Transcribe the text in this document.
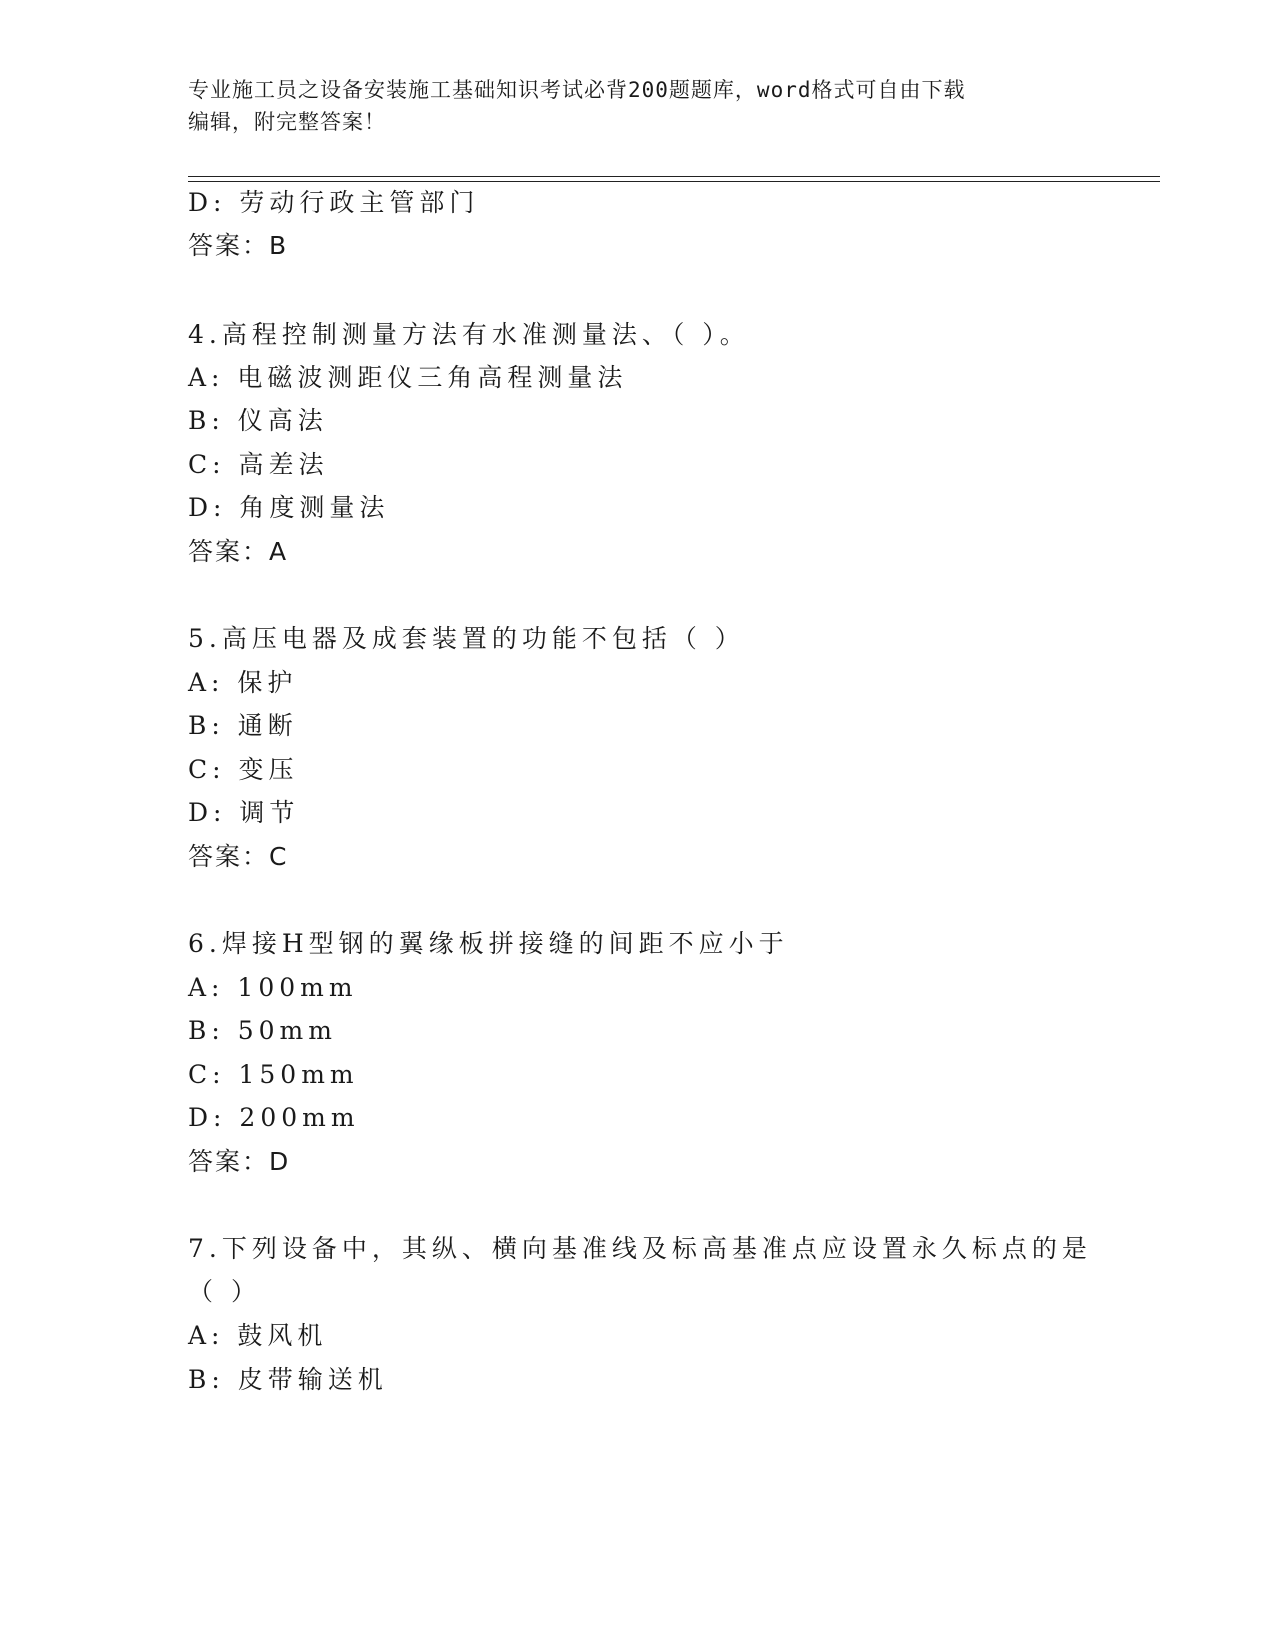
专业施工员之设备安装施工基础知识考试必背200题题库，word格式可自由下载
编辑，附完整答案！
D: 劳动行政主管部门
答案：B
4.高程控制测量方法有水准测量法、（ ）。
A: 电磁波测距仪三角高程测量法
B: 仪高法
C: 高差法
D: 角度测量法
答案：A
5.高压电器及成套装置的功能不包括（ ）
A: 保护
B: 通断
C: 变压
D: 调节
答案：C
6.焊接H型钢的翼缘板拼接缝的间距不应小于
A: 100mm
B: 50mm
C: 150mm
D: 200mm
答案：D
7.下列设备中，其纵、横向基准线及标高基准点应设置永久标点的是
（ ）
A: 鼓风机
B: 皮带输送机
